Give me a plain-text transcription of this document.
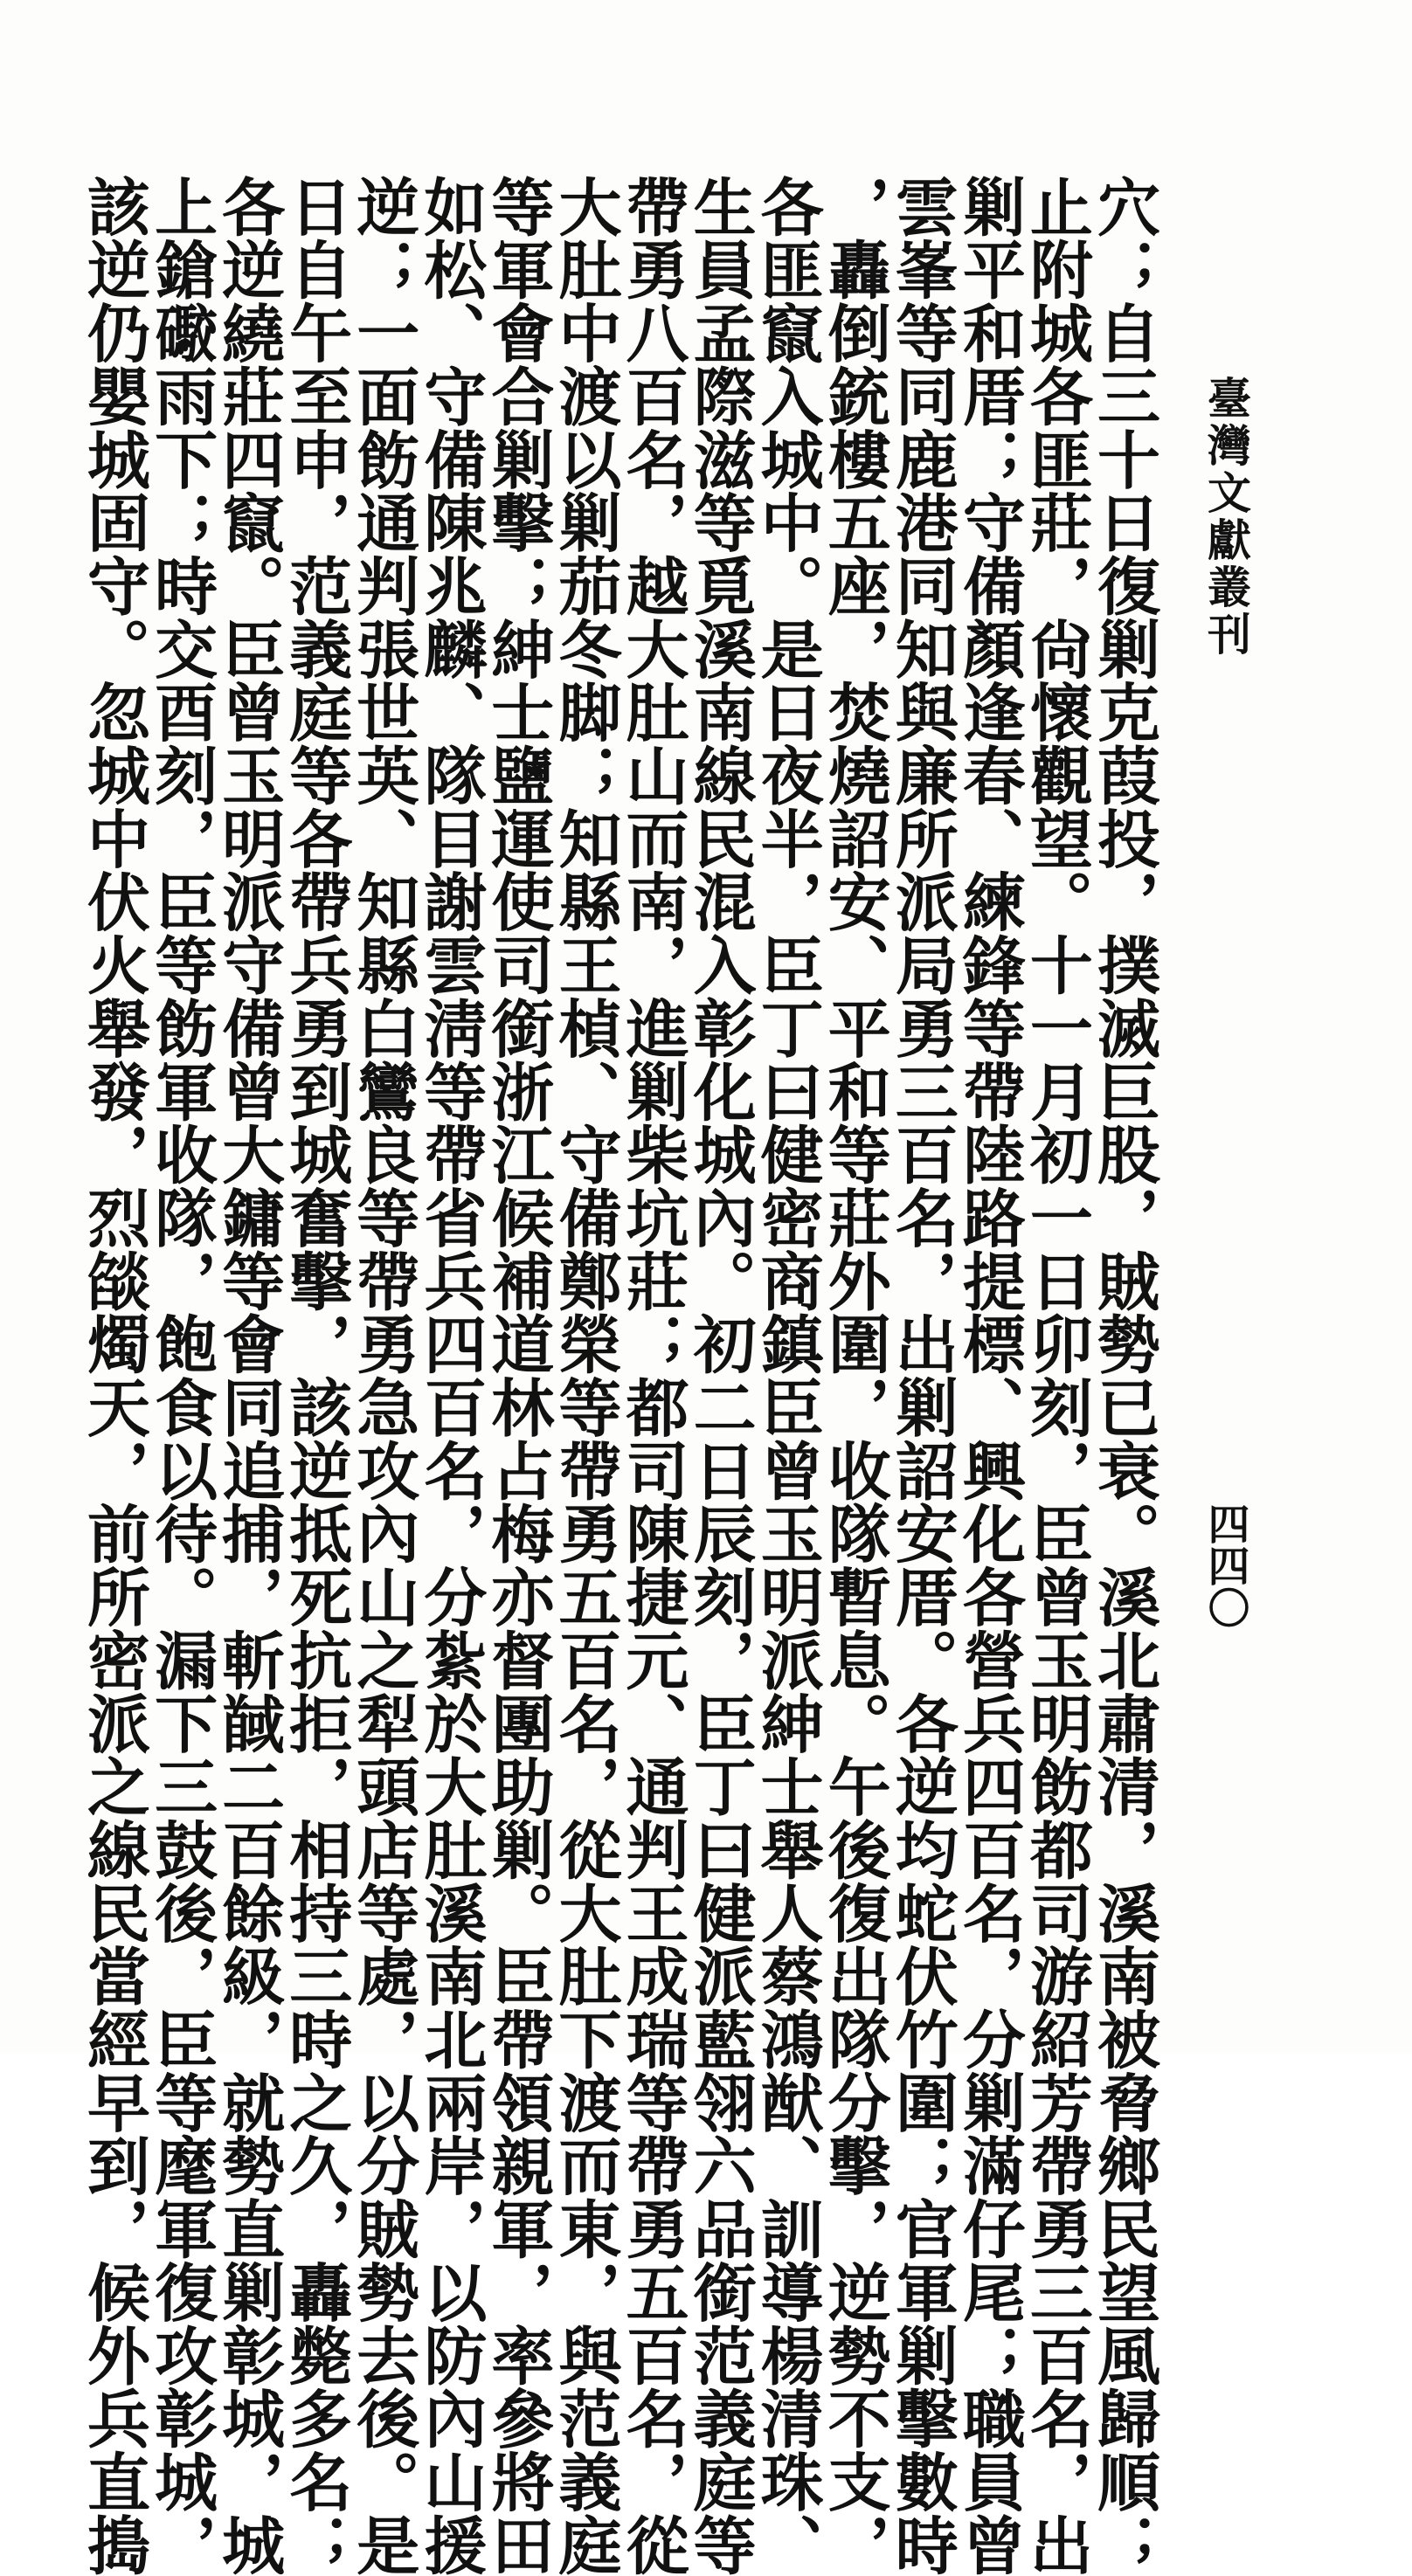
臺灣文獻叢刊
四四〇
穴；自三十日復剿克葭投，撲滅巨股，賊勢已衰。溪北肅清，溪南被脅鄉民望風歸順；
止附城各匪莊，尙懷觀望。十一月初一日卯刻，臣曾玉明飭都司游紹芳帶勇三百名，出
剿平和厝；守備顏逢春、練鋒等帶陸路提標、興化各營兵四百名，分剿滿仔尾；職員曾
雲峯等同鹿港同知與廉所派局勇三百名，出剿詔安厝。各逆均蛇伏竹圍；官軍剿擊數時
，轟倒銃樓五座，焚燒詔安、平和等莊外圍，收隊暫息。午後復出隊分擊，逆勢不支，
各匪竄入城中。是日夜半，臣丁曰健密商鎮臣曾玉明派紳士舉人蔡鴻猷、訓導楊清珠、
生員孟際滋等覓溪南線民混入彰化城內。初二日辰刻，臣丁曰健派藍翎六品銜范義庭等
帶勇八百名，越大肚山而南，進剿柴坑莊；都司陳捷元、通判王成瑞等帶勇五百名，從
大肚中渡以剿茄冬脚；知縣王楨、守備鄭榮等帶勇五百名，從大肚下渡而東，與范義庭
等軍會合剿擊；紳士鹽運使司銜浙江候補道林占梅亦督團助剿。臣帶領親軍，率參將田
如松、守備陳兆麟、隊目謝雲淸等帶省兵四百名，分紮於大肚溪南北兩岸，以防內山援
逆；一面飭通判張世英、知縣白鸞良等帶勇急攻內山之犁頭店等處，以分賊勢去後。是
日自午至申，范義庭等各帶兵勇到城奮擊，該逆抵死抗拒，相持三時之久，轟斃多名；
各逆繞莊四竄。臣曾玉明派守備曾大鏞等會同追捕，斬馘二百餘級，就勢直剿彰城，城
上鎗礮雨下；時交酉刻，臣等飭軍收隊，飽食以待。漏下三鼓後，臣等麾軍復攻彰城，
該逆仍嬰城固守。忽城中伏火舉發，烈燄燭天，前所密派之線民當經早到，候外兵直搗
